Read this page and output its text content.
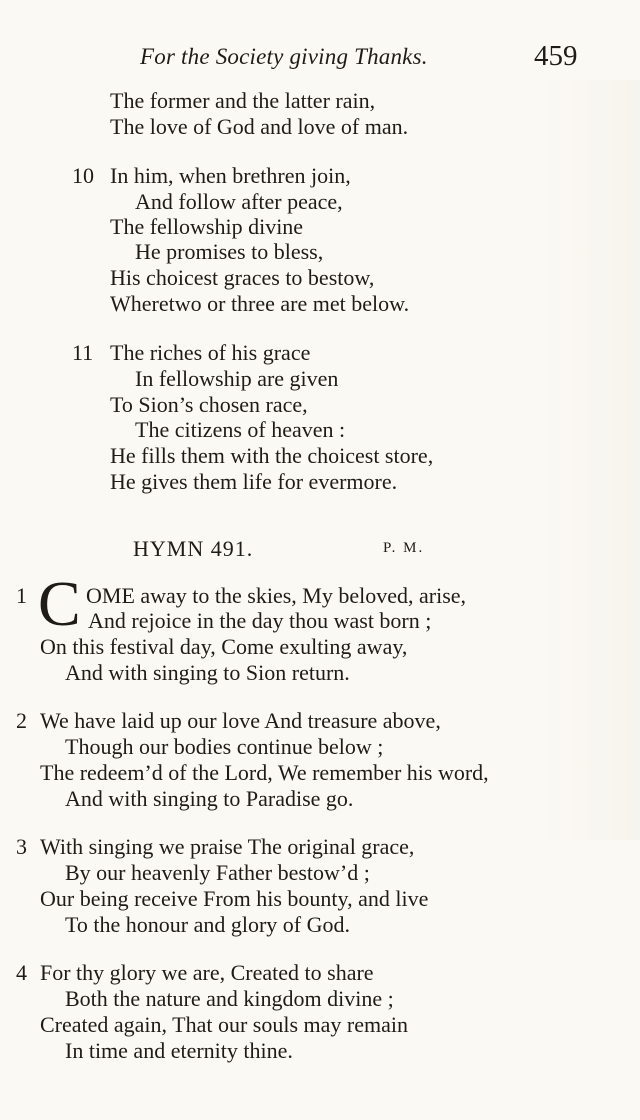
For the Society giving Thanks.	459
The former and the latter rain,
The love of God and love of man.
10 In him, when brethren join,
And follow after peace,
The fellowship divine
He promises to bless,
His choicest graces to bestow,
Wheretwo or three are met below.
11 The riches of his grace
In fellowship are given
To Sion’s chosen race,
The citizens of heaven :
He fills them with the choicest store,
He gives them life for evermore.
HYMN 491.	P. M.
1 C OME away to the skies, My beloved, arise,
And rejoice in the day thou wast born ;
On this festival day, Come exulting away,
And with singing to Sion return.
2 We have laid up our love And treasure above,
Though our bodies continue below ;
The redeem’d of the Lord, We remember his word,
And with singing to Paradise go.
3 With singing we praise The original grace,
By our heavenly Father bestow’d ;
Our being receive From his bounty, and live
To the honour and glory of God.
4 For thy glory we are, Created to share
Both the nature and kingdom divine ;
Created again, That our souls may remain
In time and eternity thine.
